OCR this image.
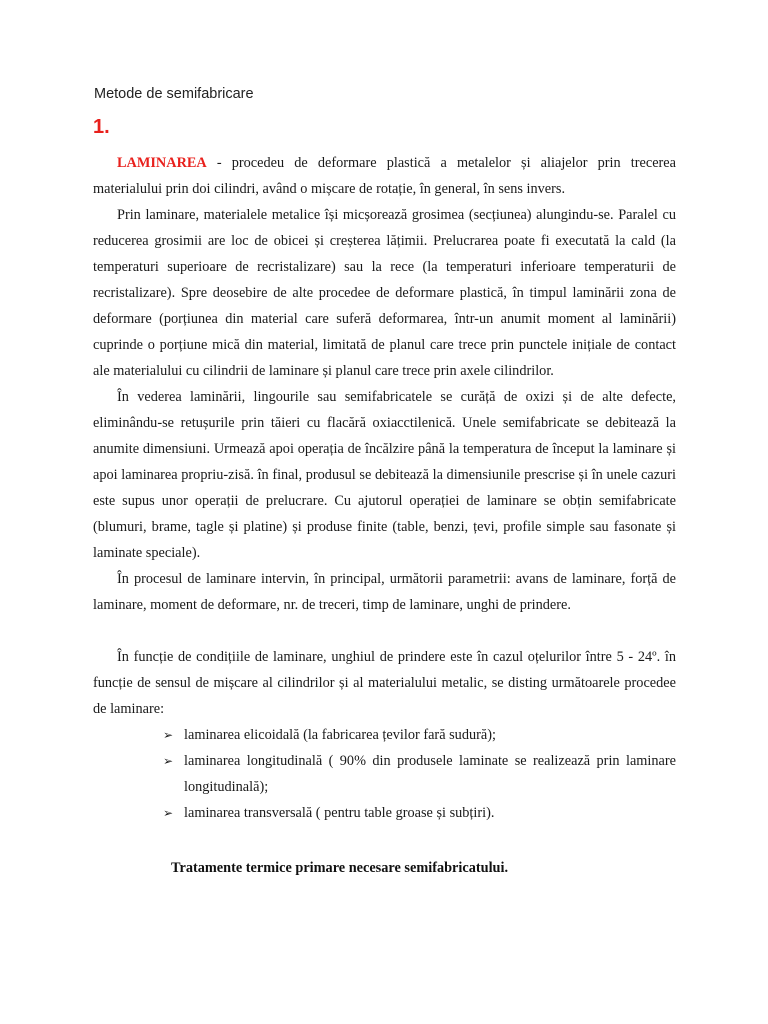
Metode de semifabricare
1.

LAMINAREA - procedeu de deformare plastică a metalelor și aliajelor prin trecerea materialului prin doi cilindri, având o mișcare de rotație, în general, în sens invers.

Prin laminare, materialele metalice își micșorează grosimea (secțiunea) alungindu-se. Paralel cu reducerea grosimii are loc de obicei și creșterea lățimii. Prelucrarea poate fi executată la cald (la temperaturi superioare de recristalizare) sau la rece (la temperaturi inferioare temperaturii de recristalizare). Spre deosebire de alte procedee de deformare plastică, în timpul laminării zona de deformare (porțiunea din material care suferă deformarea, într-un anumit moment al laminării) cuprinde o porțiune mică din material, limitată de planul care trece prin punctele inițiale de contact ale materialului cu cilindrii de laminare și planul care trece prin axele cilindrilor.

În vederea laminării, lingourile sau semifabricatele se curăță de oxizi și de alte defecte, eliminându-se retușurile prin tăieri cu flacără oxiacctilenică. Unele semifabricate se debitează la anumite dimensiuni. Urmează apoi operația de încălzire până la temperatura de început la laminare și apoi laminarea propriu-zisă. în final, produsul se debitează la dimensiunile prescrise și în unele cazuri este supus unor operații de prelucrare. Cu ajutorul operației de laminare se obțin semifabricate (blumuri, brame, tagle și platine) și produse finite (table, benzi, țevi, profile simple sau fasonate și laminate speciale).

În procesul de laminare intervin, în principal, următorii parametrii: avans de laminare, forță de laminare, moment de deformare, nr. de treceri, timp de laminare, unghi de prindere.

În funcție de condițiile de laminare, unghiul de prindere este în cazul oțelurilor între 5 - 24º. în funcție de sensul de mișcare al cilindrilor și al materialului metalic, se disting următoarele procedee de laminare:

➢ laminarea elicoidală (la fabricarea țevilor fară sudură);
➢ laminarea longitudinală ( 90% din produsele laminate se realizează prin laminare longitudinală);
➢ laminarea transversală ( pentru table groase și subțiri).
Tratamente termice primare necesare semifabricatului.
